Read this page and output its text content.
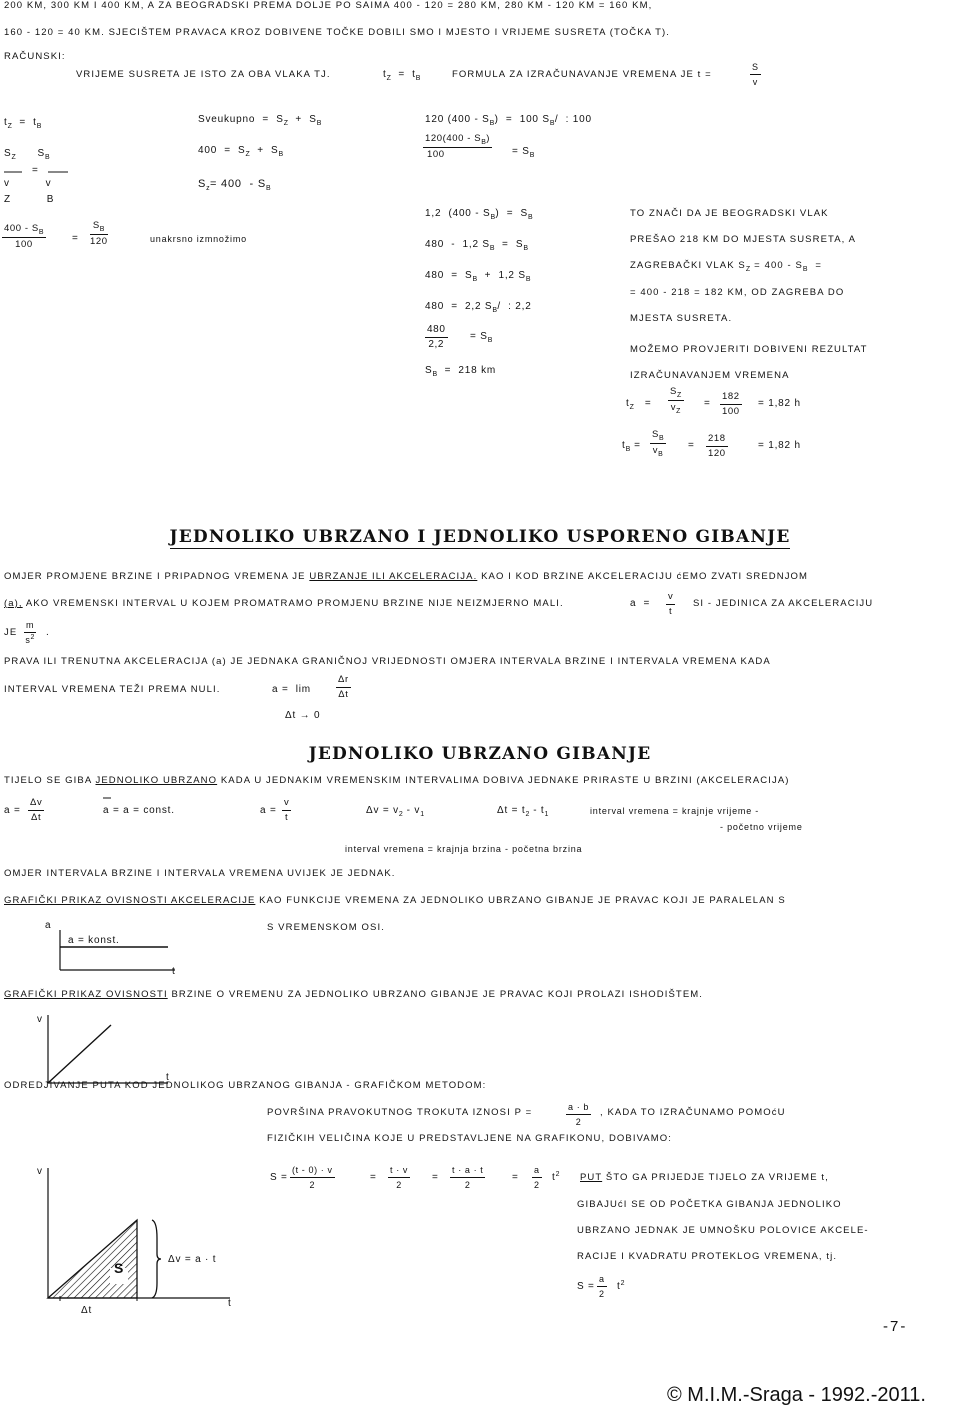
200 KM, 300 KM I 400 KM, A ZA BEOGRADSKI PREMA DOLJE PO SAIMA 400 - 120 = 280 KM, 280 KM - 120 KM = 160 KM,
160 - 120 = 40 KM. SJECIŠTEM PRAVACA KROZ DOBIVENE TOČKE DOBILI SMO I MJESTO I VRIJEME SUSRETA (TOČKA T).
RAČUNSKI:
VRIJEME SUSRETA JE ISTO ZA OBA VLAKA TJ.	$t_Z = t_B$	FORMULA ZA IZRAČUNAVANJE VREMENA JE t =
S
v
$t_Z = t_B$
$S_Z$      $S_B$
=
v          v
Z          B
$400 - S_B$
100
=
$S_B$
120	unakrsno izmnožimo
Sveukupno  =  $S_Z + S_B$
$400 = S_Z + S_B$
$S_z= 400 - S_B$
120 $(400 - S_B) = 100$ $S_B/$  : 100
$120(400 - S_B)$
100	= $S_B$
1,2  $(400 - S_B) = S_B$
480  -  1,2 $S_B = S_B$
$480 = S_B + 1,2$ $S_B$
480  =  2,2 $S_B/$  : 2,2
480
2,2
= $S_B$
$S_B = 218$ km
TO ZNAČI DA JE BEOGRADSKI VLAK
PREŠAO 218 KM DO MJESTA SUSRETA, A
ZAGREBAČKI VLAK $S_Z = 400 - S_B$  =
= 400 - 218 = 182 KM, OD ZAGREBA DO
MJESTA SUSRETA.
MOŽEMO PROVJERITI DOBIVENI REZULTAT
IZRAČUNAVANJEM VREMENA
$t_Z$   =
$S_Z$
$v_Z$
=
182
100
= 1,82 h
$t_B$ =
$S_B$
$v_B$
=
218
120
= 1,82 h
JEDNOLIKO UBRZANO I JEDNOLIKO USPORENO GIBANJE
OMJER PROMJENE BRZINE I PRIPADNOG VREMENA JE UBRZANJE ILI AKCELERACIJA. KAO I KOD BRZINE AKCELERACIJU ćEMO ZVATI SREDNJOM
(a), AKO VREMENSKI INTERVAL U KOJEM PROMATRAMO PROMJENU BRZINE NIJE NEIZMJERNO MALI.	a  =
v
t
SI - JEDINICA ZA AKCELERACIJU
JE
m
$s^2$ .
PRAVA ILI TRENUTNA AKCELERACIJA (a) JE JEDNAKA GRANIČNOJ VRIJEDNOSTI OMJERA INTERVALA BRZINE I INTERVALA VREMENA KADA
INTERVAL VREMENA TEŽI PREMA NULI.	a =  lim
Δr
Δt
Δt → 0
JEDNOLIKO UBRZANO GIBANJE
TIJELO SE GIBA JEDNOLIKO UBRZANO KADA U JEDNAKIM VREMENSKIM INTERVALIMA DOBIVA JEDNAKE PRIRASTE U BRZINI (AKCELERACIJA)
a =
Δv
Δt
a = a = const.	a =
v
t
$\Delta v = v_2 - v_1$	$\Delta t = t_2 - t_1$	interval vremena = krajnje vrijeme -
- početno vrijeme
interval vremena = krajnja brzina - početna brzina
OMJER INTERVALA BRZINE I INTERVALA VREMENA UVIJEK JE JEDNAK.
GRAFIČKI PRIKAZ OVISNOSTI AKCELERACIJE KAO FUNKCIJE VREMENA ZA JEDNOLIKO UBRZANO GIBANJE JE PRAVAC KOJI JE PARALELAN S
S VREMENSKOM OSI.
a
a = konst.
t
GRAFIČKI PRIKAZ OVISNOSTI BRZINE O VREMENU ZA JEDNOLIKO UBRZANO GIBANJE JE PRAVAC KOJI PROLAZI ISHODIŠTEM.
v
t
ODREDJIVANJE PUTA KOD JEDNOLIKOG UBRZANOG GIBANJA - GRAFIČKOM METODOM:
POVRŠINA PRAVOKUTNOG TROKUTA IZNOSI P =	a · b
2
, KADA TO IZRAČUNAMO POMOćU
FIZIČKIH VELIČINA KOJE U PREDSTAVLJENE NA GRAFIKONU, DOBIVAMO:
v
S
Δv = a · t
t
Δt
S =
(t - 0) · v
2
=
t · v
2
=
t · a · t
2
=
a
2
$t^2$ PUT ŠTO GA PRIJEDJE TIJELO ZA VRIJEME t,
GIBAJUćI SE OD POČETKA GIBANJA JEDNOLIKO
UBRZANO JEDNAK JE UMNOŠKU POLOVICE AKCELE-
RACIJE I KVADRATU PROTEKLOG VREMENA, tj.
S =
a
2
$t^2$
-7-
© M.I.M.-Sraga - 1992.-2011.
